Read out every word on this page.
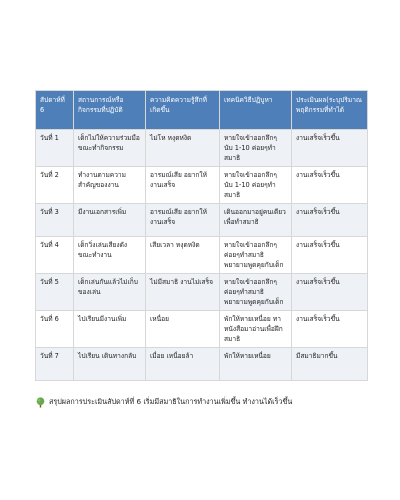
สัปดาห์ที่ 6	สถานการณ์หรือกิจกรรมที่ปฏิบัติ	ความคิดความรู้สึกที่เกิดขึ้น	เทคนิควิธีปฏิบูหา	ประเมินผล(ระบุปริมาณพฤติกรรมที่ทำได้
วันที่ 1	เด็กไม่ให้ความร่วมมือขณะทำกิจกรรม	ไม่โห หงุดหงิด	หายใจเข้าออกลึกๆ นับ 1-10 ค่อยๆทำสมาธิ	งานเสร็จเร็วขึ้น
วันที่ 2	ทำงานตามความสำคัญของงาน	อารมณ์เสีย อยากให้งานเสร็จ	หายใจเข้าออกลึกๆ นับ 1-10 ค่อยๆทำสมาธิ	งานเสร็จเร็วขึ้น
วันที่ 3	มีงานเอกสารเพิ่ม	อารมณ์เสีย อยากให้งานเสร็จ	เดินออกมาอยู่คนเดียวเพื่อทำสมาธิ	งานเสร็จเร็วขึ้น
วันที่ 4	เด็กวิ่งเล่นเสียงดังขณะทำงาน	เสียเวลา หงุดหงิด	หายใจเข้าออกลึกๆ ค่อยๆทำสมาธิ พยายามพูดคุยกับเด็ก	งานเสร็จเร็วขึ้น
วันที่ 5	เด็กเล่นกันแล้วไม่เก็บของเล่น	ไม่มีสมาธิ งานไม่เสร็จ	หายใจเข้าออกลึกๆ ค่อยๆทำสมาธิ พยายามพูดคุยกับเด็ก	งานเสร็จเร็วขึ้น
วันที่ 6	ไปเรียนมีงานเพิ่ม	เหนื่อย	พักให้หายเหนื่อย ทาหนังสือมาอ่านเพื่อฝึกสมาธิ	งานเสร็จเร็วขึ้น
วันที่ 7	ไปเรียน เดินทางกลับ	เมื่อย เหนื่อยล้า	พักให้หายเหนื่อย	มีสมาธิมากขึ้น
สรุปผลการประเมินสัปดาห์ที่ 6 เริ่มมีสมาธิในการทำงานเพิ่มขึ้น ทำงานได้เร็วขึ้น
